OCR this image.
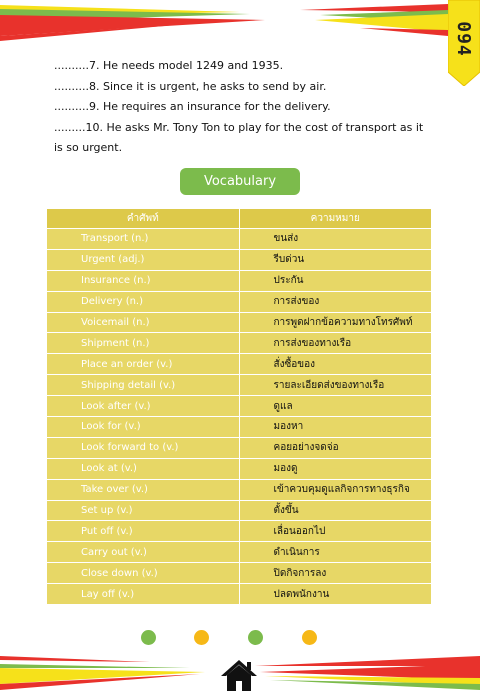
094

..........7. He needs model 1249 and 1935.

..........8. Since it is urgent, he asks to send by air.

..........9. He requires an insurance for the delivery.

.........10. He asks Mr. Tony Ton to play for the cost of transport as it is so urgent.

Vocabulary
คำศัพท์	ความหมาย
Transport (n.)	ขนส่ง
Urgent (adj.)	รีบด่วน
Insurance (n.)	ประกัน
Delivery (n.)	การส่งของ
Voicemail (n.)	การพูดฝากข้อความทางโทรศัพท์
Shipment (n.)	การส่งของทางเรือ
Place an order (v.)	สั่งซื้อของ
Shipping detail (v.)	รายละเอียดส่งของทางเรือ
Look after (v.)	ดูแล
Look for (v.)	มองหา
Look forward to (v.)	คอยอย่างจดจ่อ
Look at (v.)	มองดู
Take over (v.)	เข้าควบคุมดูแลกิจการทางธุรกิจ
Set up (v.)	ตั้งขึ้น
Put off (v.)	เลื่อนออกไป
Carry out (v.)	ดำเนินการ
Close down (v.)	ปิดกิจการลง
Lay off (v.)	ปลดพนักงาน
